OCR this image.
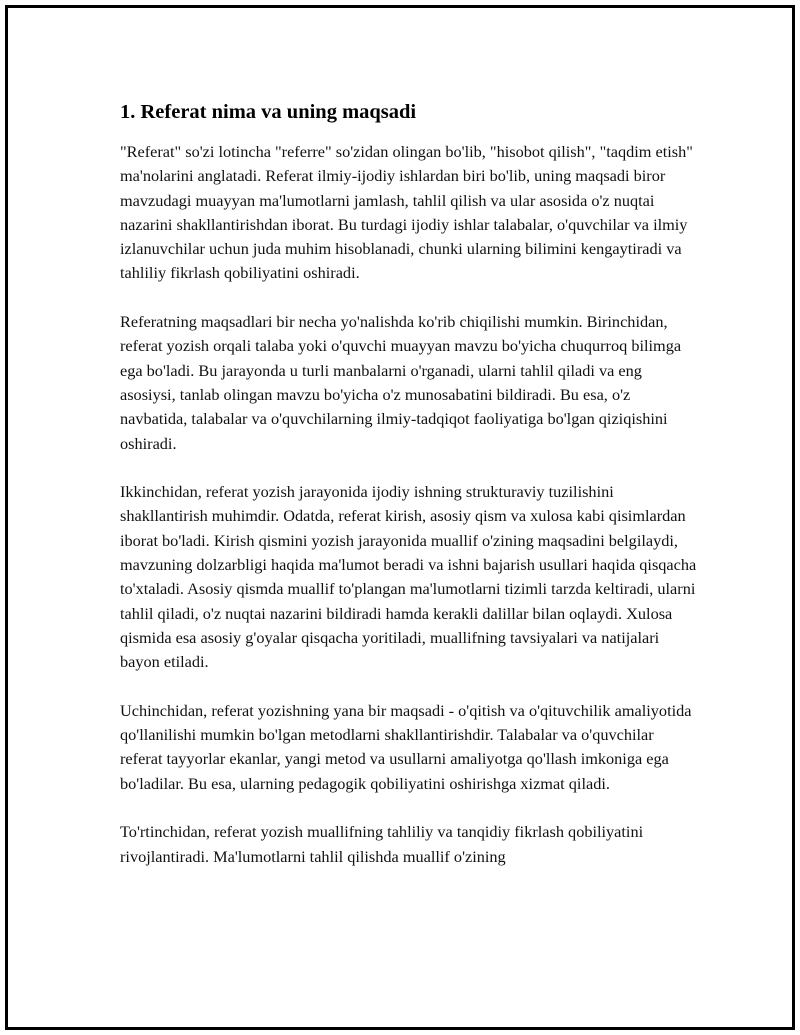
1. Referat nima va uning maqsadi

"Referat" so'zi lotincha "referre" so'zidan olingan bo'lib, "hisobot qilish", "taqdim etish" ma'nolarini anglatadi. Referat ilmiy-ijodiy ishlardan biri bo'lib, uning maqsadi biror mavzudagi muayyan ma'lumotlarni jamlash, tahlil qilish va ular asosida o'z nuqtai nazarini shakllantirishdan iborat. Bu turdagi ijodiy ishlar talabalar, o'quvchilar va ilmiy izlanuvchilar uchun juda muhim hisoblanadi, chunki ularning bilimini kengaytiradi va tahliliy fikrlash qobiliyatini oshiradi.

Referatning maqsadlari bir necha yo'nalishda ko'rib chiqilishi mumkin. Birinchidan, referat yozish orqali talaba yoki o'quvchi muayyan mavzu bo'yicha chuqurroq bilimga ega bo'ladi. Bu jarayonda u turli manbalarni o'rganadi, ularni tahlil qiladi va eng asosiysi, tanlab olingan mavzu bo'yicha o'z munosabatini bildiradi. Bu esa, o'z navbatida, talabalar va o'quvchilarning ilmiy-tadqiqot faoliyatiga bo'lgan qiziqishini oshiradi.

Ikkinchidan, referat yozish jarayonida ijodiy ishning strukturaviy tuzilishini shakllantirish muhimdir. Odatda, referat kirish, asosiy qism va xulosa kabi qisimlardan iborat bo'ladi. Kirish qismini yozish jarayonida muallif o'zining maqsadini belgilaydi, mavzuning dolzarbligi haqida ma'lumot beradi va ishni bajarish usullari haqida qisqacha to'xtaladi. Asosiy qismda muallif to'plangan ma'lumotlarni tizimli tarzda keltiradi, ularni tahlil qiladi, o'z nuqtai nazarini bildiradi hamda kerakli dalillar bilan oqlaydi. Xulosa qismida esa asosiy g'oyalar qisqacha yoritiladi, muallifning tavsiyalari va natijalari bayon etiladi.

Uchinchidan, referat yozishning yana bir maqsadi - o'qitish va o'qituvchilik amaliyotida qo'llanilishi mumkin bo'lgan metodlarni shakllantirishdir. Talabalar va o'quvchilar referat tayyorlar ekanlar, yangi metod va usullarni amaliyotga qo'llash imkoniga ega bo'ladilar. Bu esa, ularning pedagogik qobiliyatini oshirishga xizmat qiladi.

To'rtinchidan, referat yozish muallifning tahliliy va tanqidiy fikrlash qobiliyatini rivojlantiradi. Ma'lumotlarni tahlil qilishda muallif o'zining
